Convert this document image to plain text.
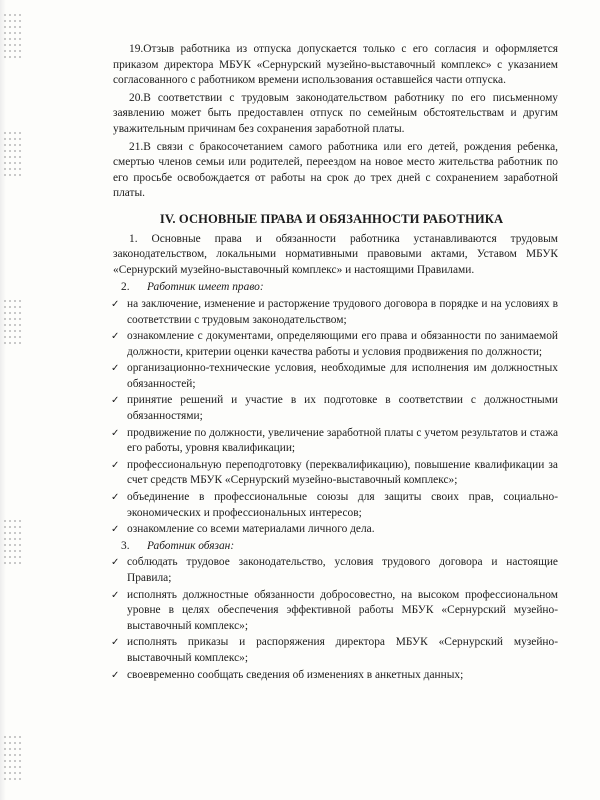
19.Отзыв работника из отпуска допускается только с его согласия и оформляется приказом директора МБУК «Сернурский музейно-выставочный комплекс» с указанием согласованного с работником времени использования оставшейся части отпуска.

20.В соответствии с трудовым законодательством работнику по его письменному заявлению может быть предоставлен отпуск по семейным обстоятельствам и другим уважительным причинам без сохранения заработной платы.

21.В связи с бракосочетанием самого работника или его детей, рождения ребенка, смертью членов семьи или родителей, переездом на новое место жительства работник по его просьбе освобождается от работы на срок до трех дней с сохранением заработной платы.

IV. ОСНОВНЫЕ ПРАВА И ОБЯЗАННОСТИ РАБОТНИКА

1. Основные права и обязанности работника устанавливаются трудовым законодательством, локальными нормативными правовыми актами, Уставом МБУК «Сернурский музейно-выставочный комплекс» и настоящими Правилами.

2. Работник имеет право:
✓ на заключение, изменение и расторжение трудового договора в порядке и на условиях в соответствии с трудовым законодательством;
✓ ознакомление с документами, определяющими его права и обязанности по занимаемой должности, критерии оценки качества работы и условия продвижения по должности;
✓ организационно-технические условия, необходимые для исполнения им должностных обязанностей;
✓ принятие решений и участие в их подготовке в соответствии с должностными обязанностями;
✓ продвижение по должности, увеличение заработной платы с учетом результатов и стажа его работы, уровня квалификации;
✓ профессиональную переподготовку (переквалификацию), повышение квалификации за счет средств МБУК «Сернурский музейно-выставочный комплекс»;
✓ объединение в профессиональные союзы для защиты своих прав, социально-экономических и профессиональных интересов;
✓ ознакомление со всеми материалами личного дела.
3. Работник обязан:
✓ соблюдать трудовое законодательство, условия трудового договора и настоящие Правила;
✓ исполнять должностные обязанности добросовестно, на высоком профессиональном уровне в целях обеспечения эффективной работы МБУК «Сернурский музейно-выставочный комплекс»;
✓ исполнять приказы и распоряжения директора МБУК «Сернурский музейно-выставочный комплекс»;
✓ своевременно сообщать сведения об изменениях в анкетных данных;
